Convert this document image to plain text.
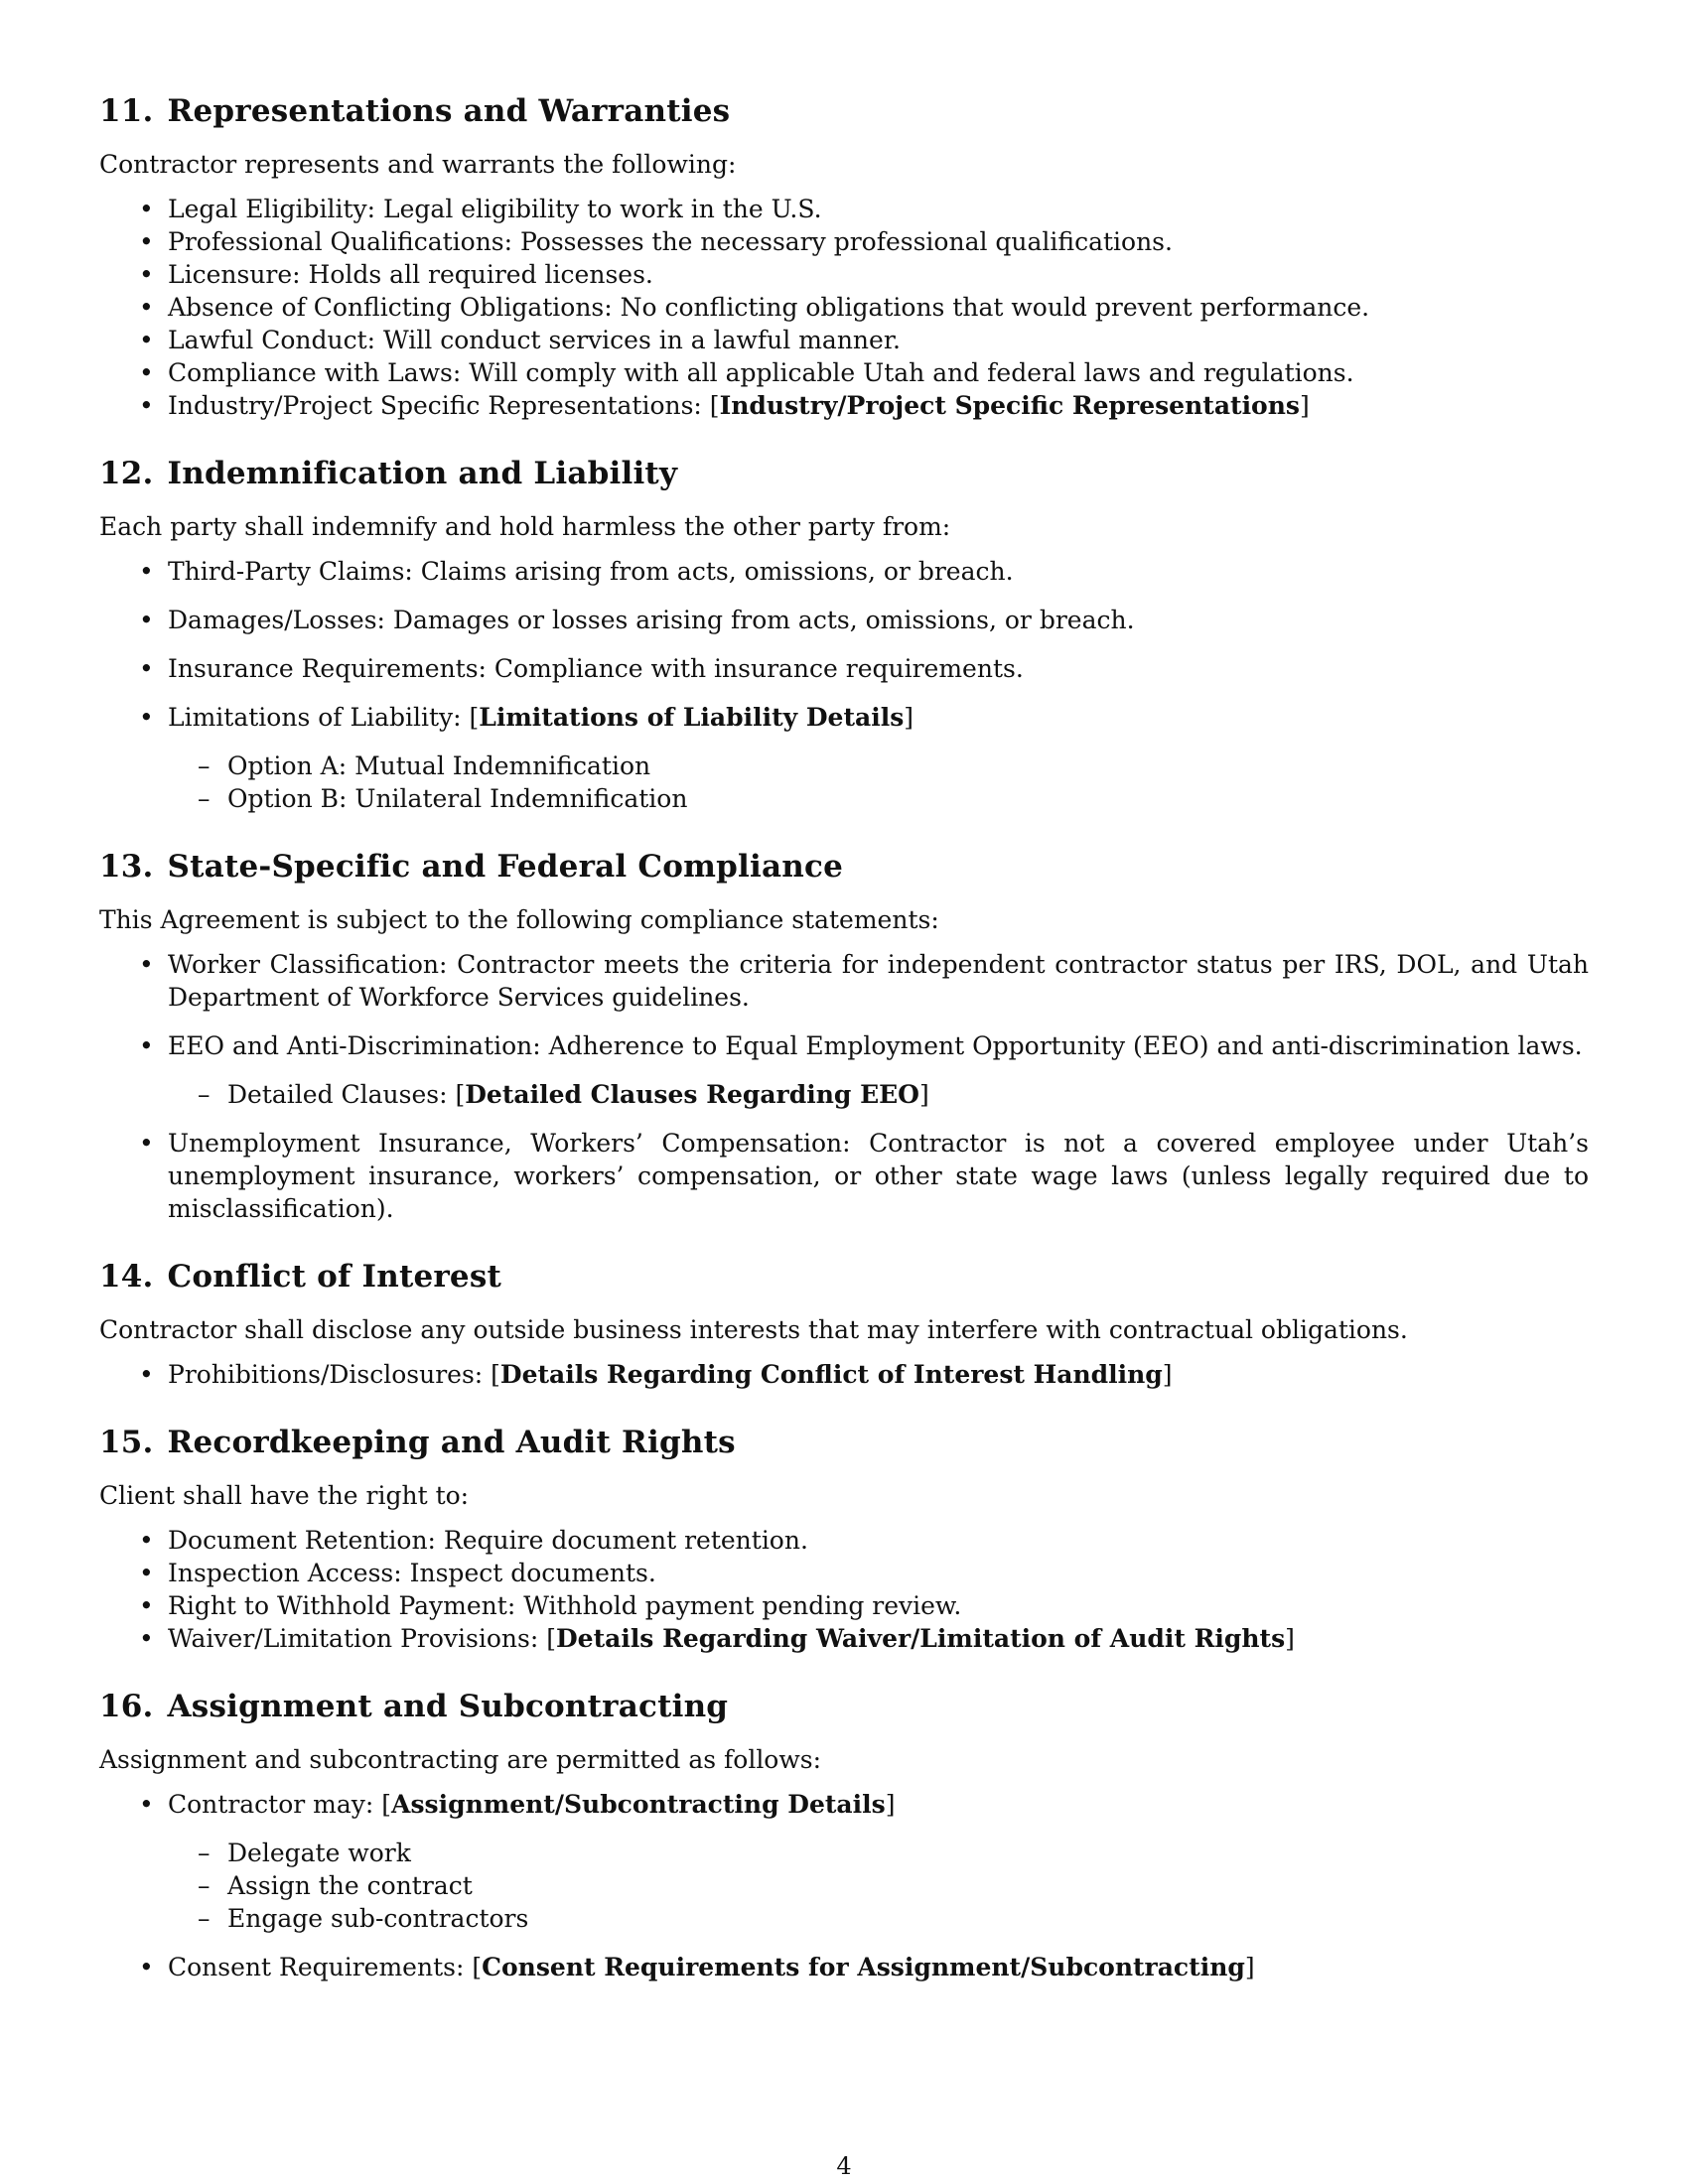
11. Representations and Warranties

Contractor represents and warrants the following:

• Legal Eligibility: Legal eligibility to work in the U.S.
• Professional Qualifications: Possesses the necessary professional qualifications.
• Licensure: Holds all required licenses.
• Absence of Conflicting Obligations: No conflicting obligations that would prevent performance.
• Lawful Conduct: Will conduct services in a lawful manner.
• Compliance with Laws: Will comply with all applicable Utah and federal laws and regulations.
• Industry/Project Specific Representations: [Industry/Project Specific Representations]
12. Indemnification and Liability

Each party shall indemnify and hold harmless the other party from:

• Third-Party Claims: Claims arising from acts, omissions, or breach.
• Damages/Losses: Damages or losses arising from acts, omissions, or breach.
• Insurance Requirements: Compliance with insurance requirements.
• Limitations of Liability: [Limitations of Liability Details]
– Option A: Mutual Indemnification
– Option B: Unilateral Indemnification
13. State-Specific and Federal Compliance

This Agreement is subject to the following compliance statements:

• Worker Classification: Contractor meets the criteria for independent contractor status per IRS, DOL, and Utah Department of Workforce Services guidelines.
• EEO and Anti-Discrimination: Adherence to Equal Employment Opportunity (EEO) and anti-discrimination laws.
– Detailed Clauses: [Detailed Clauses Regarding EEO]
• Unemployment Insurance, Workers’ Compensation: Contractor is not a covered employee under Utah’s unemployment insurance, workers’ compensation, or other state wage laws (unless legally required due to misclassification).
14. Conflict of Interest

Contractor shall disclose any outside business interests that may interfere with contractual obligations.

• Prohibitions/Disclosures: [Details Regarding Conflict of Interest Handling]
15. Recordkeeping and Audit Rights

Client shall have the right to:

• Document Retention: Require document retention.
• Inspection Access: Inspect documents.
• Right to Withhold Payment: Withhold payment pending review.
• Waiver/Limitation Provisions: [Details Regarding Waiver/Limitation of Audit Rights]
16. Assignment and Subcontracting

Assignment and subcontracting are permitted as follows:

• Contractor may: [Assignment/Subcontracting Details]
– Delegate work
– Assign the contract
– Engage sub-contractors
• Consent Requirements: [Consent Requirements for Assignment/Subcontracting]
4
